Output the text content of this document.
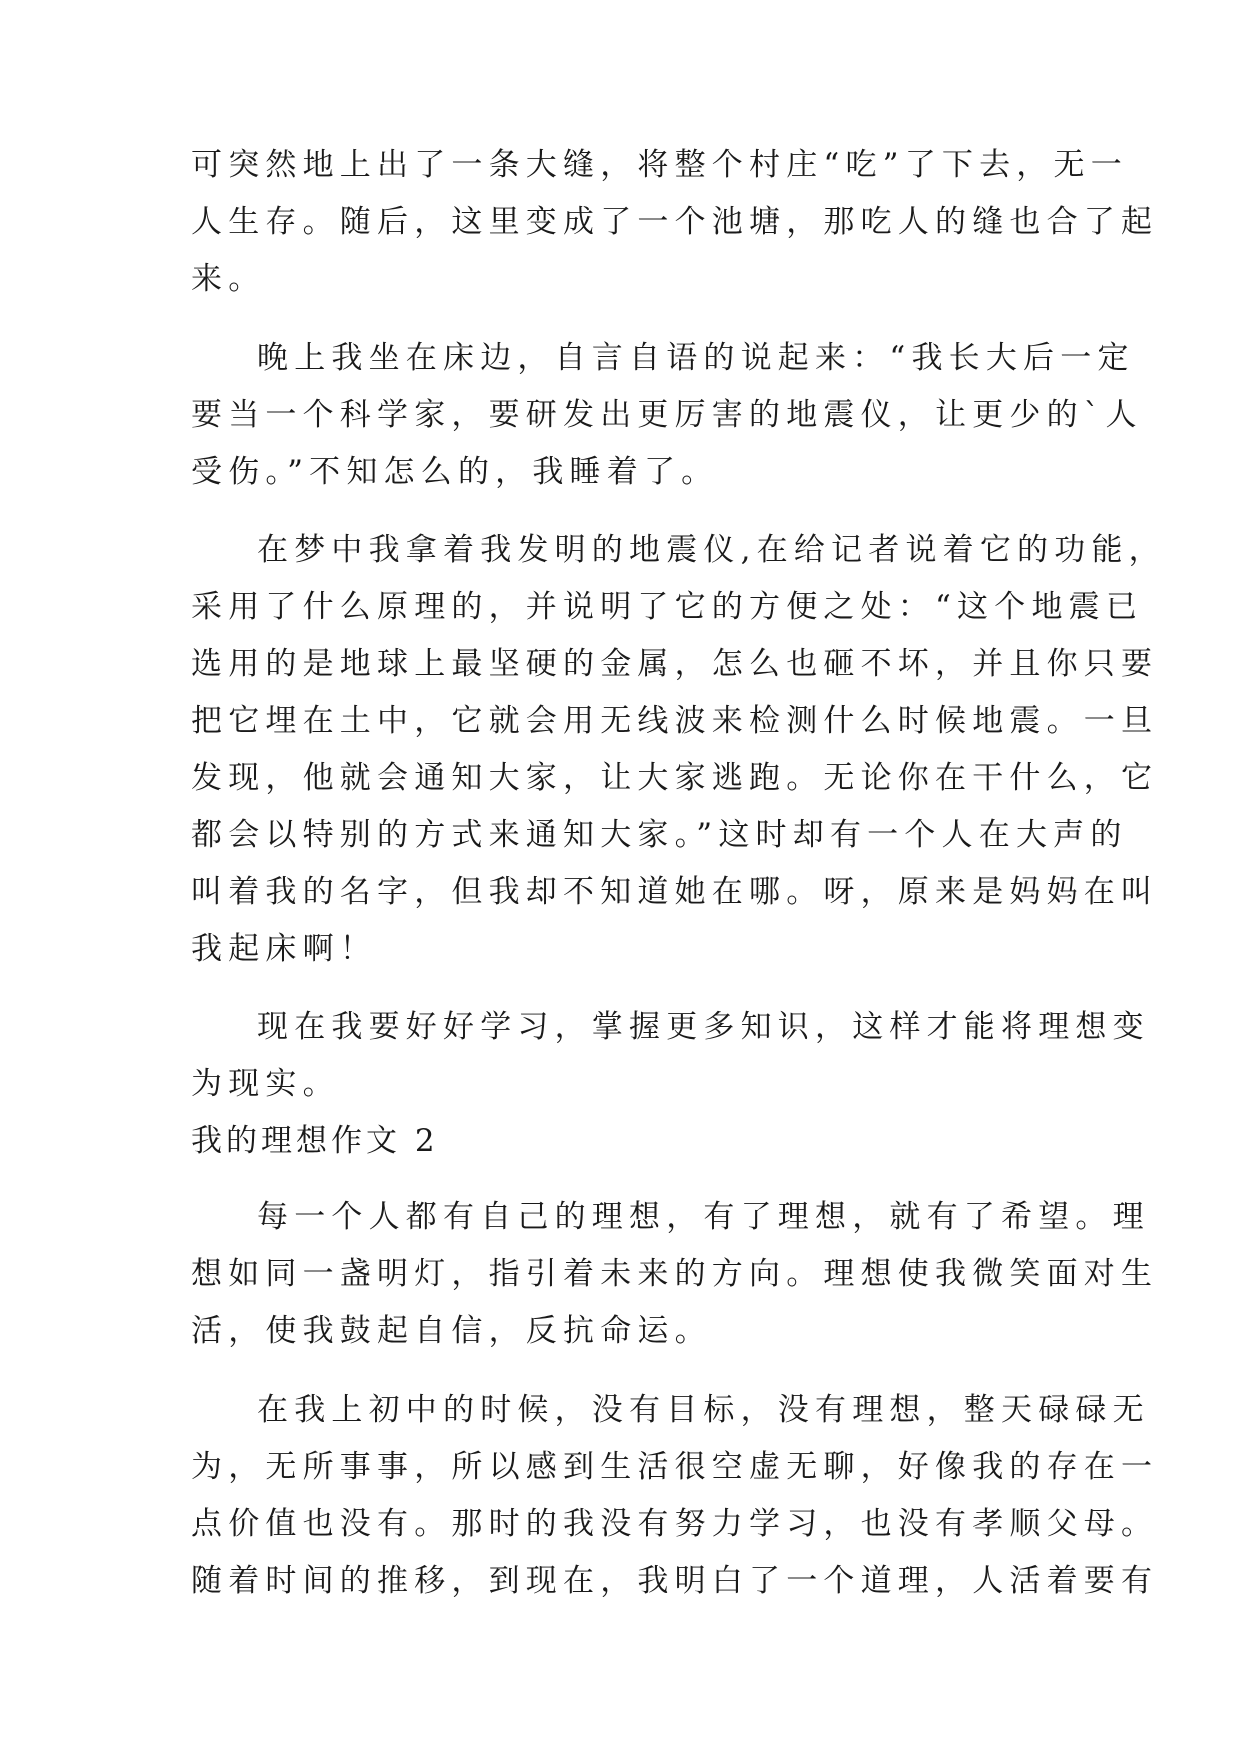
可突然地上出了一条大缝，将整个村庄“吃”了下去，无一
人生存。随后，这里变成了一个池塘，那吃人的缝也合了起
来。
晚上我坐在床边，自言自语的说起来：“我长大后一定
要当一个科学家，要研发出更厉害的地震仪，让更少的`人
受伤。”不知怎么的，我睡着了。
在梦中我拿着我发明的地震仪,在给记者说着它的功能，
采用了什么原理的，并说明了它的方便之处：“这个地震已
选用的是地球上最坚硬的金属，怎么也砸不坏，并且你只要
把它埋在土中，它就会用无线波来检测什么时候地震。一旦
发现，他就会通知大家，让大家逃跑。无论你在干什么，它
都会以特别的方式来通知大家。”这时却有一个人在大声的
叫着我的名字，但我却不知道她在哪。呀，原来是妈妈在叫
我起床啊！
现在我要好好学习，掌握更多知识，这样才能将理想变
为现实。
我的理想作文 2
每一个人都有自己的理想，有了理想，就有了希望。理
想如同一盏明灯，指引着未来的方向。理想使我微笑面对生
活，使我鼓起自信，反抗命运。
在我上初中的时候，没有目标，没有理想，整天碌碌无
为，无所事事，所以感到生活很空虚无聊，好像我的存在一
点价值也没有。那时的我没有努力学习，也没有孝顺父母。
随着时间的推移，到现在，我明白了一个道理，人活着要有
